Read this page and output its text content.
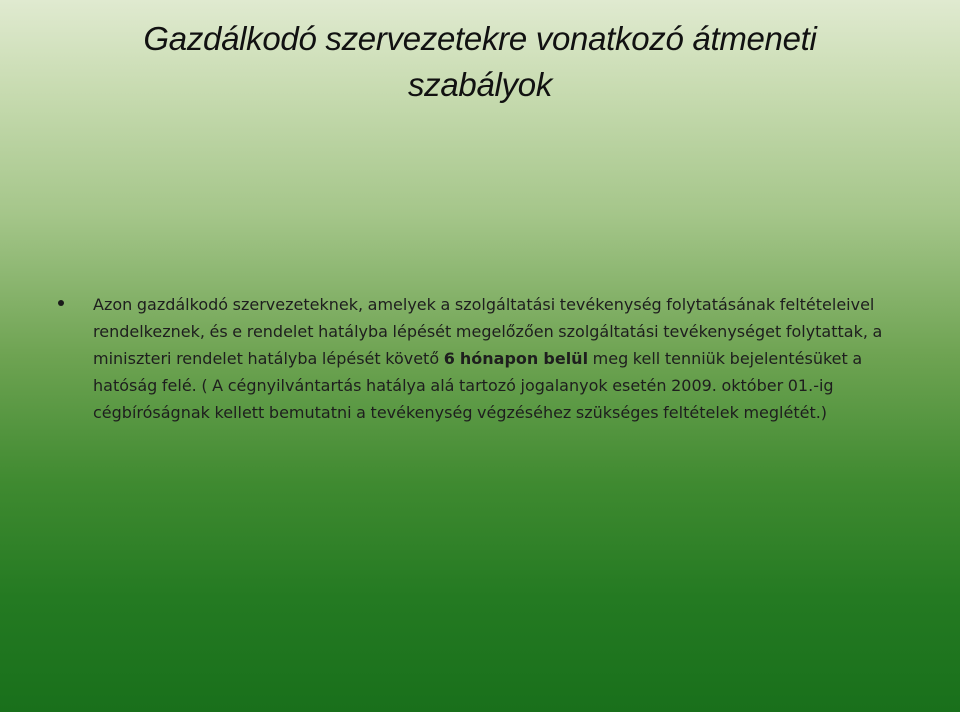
Gazdálkodó szervezetekre vonatkozó átmeneti szabályok
Azon gazdálkodó szervezeteknek, amelyek a szolgáltatási tevékenység folytatásának feltételeivel rendelkeznek, és e rendelet hatályba lépését megelőzően szolgáltatási tevékenységet folytattak, a miniszteri rendelet hatályba lépését követő 6 hónapon belül meg kell tenniük bejelentésüket a hatóság felé. ( A cégnyilvántartás hatálya alá tartozó jogalanyok esetén 2009. október 01.-ig cégbíróságnak kellett bemutatni a tevékenység végzéséhez szükséges feltételek meglétét.)
